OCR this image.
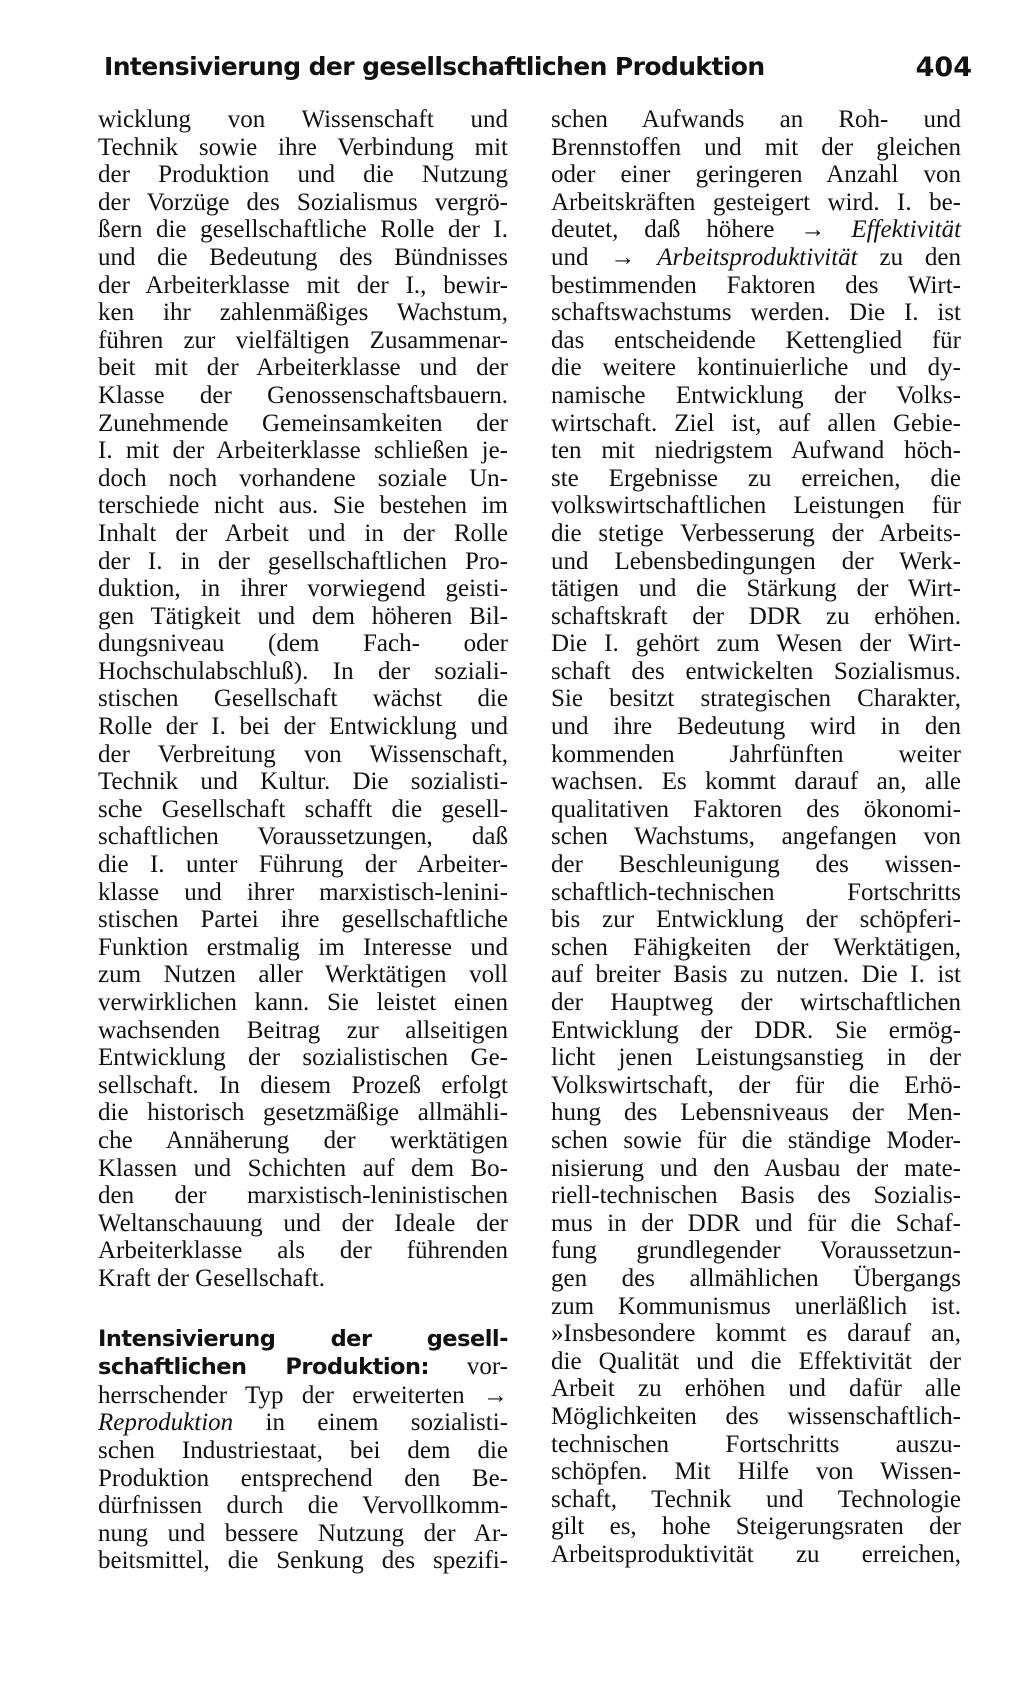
Intensivierung der gesellschaftlichen Produktion	404
wicklung von Wissenschaft und
Technik sowie ihre Verbindung mit
der Produktion und die Nutzung
der Vorzüge des Sozialismus vergrö-
ßern die gesellschaftliche Rolle der I.
und die Bedeutung des Bündnisses
der Arbeiterklasse mit der I., bewir-
ken ihr zahlenmäßiges Wachstum,
führen zur vielfältigen Zusammenar-
beit mit der Arbeiterklasse und der
Klasse der Genossenschaftsbauern.
Zunehmende Gemeinsamkeiten der
I. mit der Arbeiterklasse schließen je-
doch noch vorhandene soziale Un-
terschiede nicht aus. Sie bestehen im
Inhalt der Arbeit und in der Rolle
der I. in der gesellschaftlichen Pro-
duktion, in ihrer vorwiegend geisti-
gen Tätigkeit und dem höheren Bil-
dungsniveau (dem Fach- oder
Hochschulabschluß). In der soziali-
stischen Gesellschaft wächst die
Rolle der I. bei der Entwicklung und
der Verbreitung von Wissenschaft,
Technik und Kultur. Die sozialisti-
sche Gesellschaft schafft die gesell-
schaftlichen Voraussetzungen, daß
die I. unter Führung der Arbeiter-
klasse und ihrer marxistisch-lenini-
stischen Partei ihre gesellschaftliche
Funktion erstmalig im Interesse und
zum Nutzen aller Werktätigen voll
verwirklichen kann. Sie leistet einen
wachsenden Beitrag zur allseitigen
Entwicklung der sozialistischen Ge-
sellschaft. In diesem Prozeß erfolgt
die historisch gesetzmäßige allmähli-
che Annäherung der werktätigen
Klassen und Schichten auf dem Bo-
den der marxistisch-leninistischen
Weltanschauung und der Ideale der
Arbeiterklasse als der führenden
Kraft der Gesellschaft.
Intensivierung der gesell-
schaftlichen Produktion: vor-
herrschender Typ der erweiterten →
Reproduktion in einem sozialisti-
schen Industriestaat, bei dem die
Produktion entsprechend den Be-
dürfnissen durch die Vervollkomm-
nung und bessere Nutzung der Ar-
beitsmittel, die Senkung des spezifi-
schen Aufwands an Roh- und
Brennstoffen und mit der gleichen
oder einer geringeren Anzahl von
Arbeitskräften gesteigert wird. I. be-
deutet, daß höhere → Effektivität
und → Arbeitsproduktivität zu den
bestimmenden Faktoren des Wirt-
schaftswachstums werden. Die I. ist
das entscheidende Kettenglied für
die weitere kontinuierliche und dy-
namische Entwicklung der Volks-
wirtschaft. Ziel ist, auf allen Gebie-
ten mit niedrigstem Aufwand höch-
ste Ergebnisse zu erreichen, die
volkswirtschaftlichen Leistungen für
die stetige Verbesserung der Arbeits-
und Lebensbedingungen der Werk-
tätigen und die Stärkung der Wirt-
schaftskraft der DDR zu erhöhen.
Die I. gehört zum Wesen der Wirt-
schaft des entwickelten Sozialismus.
Sie besitzt strategischen Charakter,
und ihre Bedeutung wird in den
kommenden Jahrfünften weiter
wachsen. Es kommt darauf an, alle
qualitativen Faktoren des ökonomi-
schen Wachstums, angefangen von
der Beschleunigung des wissen-
schaftlich-technischen Fortschritts
bis zur Entwicklung der schöpferi-
schen Fähigkeiten der Werktätigen,
auf breiter Basis zu nutzen. Die I. ist
der Hauptweg der wirtschaftlichen
Entwicklung der DDR. Sie ermög-
licht jenen Leistungsanstieg in der
Volkswirtschaft, der für die Erhö-
hung des Lebensniveaus der Men-
schen sowie für die ständige Moder-
nisierung und den Ausbau der mate-
riell-technischen Basis des Sozialis-
mus in der DDR und für die Schaf-
fung grundlegender Voraussetzun-
gen des allmählichen Übergangs
zum Kommunismus unerläßlich ist.
»Insbesondere kommt es darauf an,
die Qualität und die Effektivität der
Arbeit zu erhöhen und dafür alle
Möglichkeiten des wissenschaftlich-
technischen Fortschritts auszu-
schöpfen. Mit Hilfe von Wissen-
schaft, Technik und Technologie
gilt es, hohe Steigerungsraten der
Arbeitsproduktivität zu erreichen,
